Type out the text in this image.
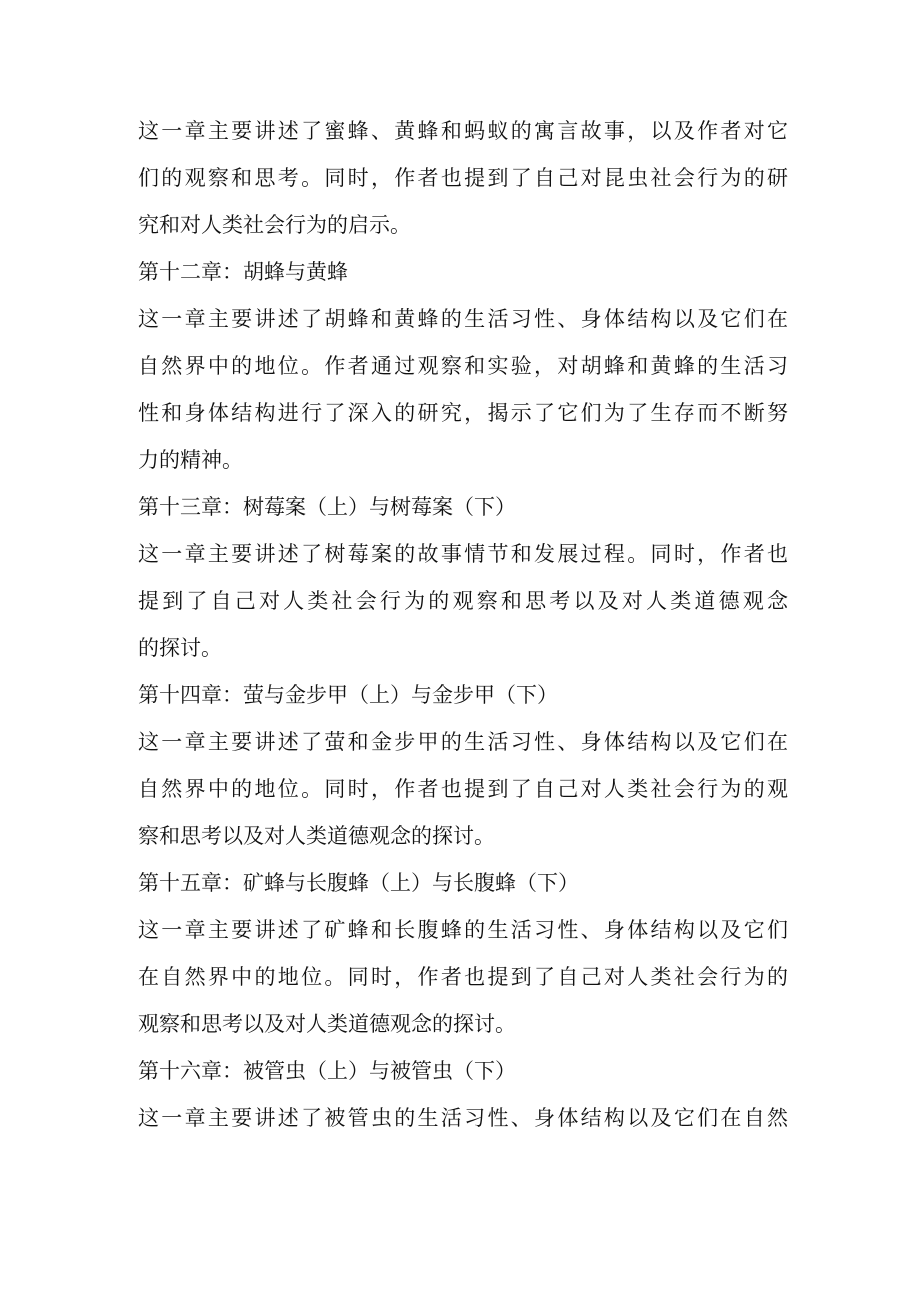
这一章主要讲述了蜜蜂、黄蜂和蚂蚁的寓言故事，以及作者对它
们的观察和思考。同时，作者也提到了自己对昆虫社会行为的研
究和对人类社会行为的启示。
第十二章：胡蜂与黄蜂
这一章主要讲述了胡蜂和黄蜂的生活习性、身体结构以及它们在
自然界中的地位。作者通过观察和实验，对胡蜂和黄蜂的生活习
性和身体结构进行了深入的研究，揭示了它们为了生存而不断努
力的精神。
第十三章：树莓案（上）与树莓案（下）
这一章主要讲述了树莓案的故事情节和发展过程。同时，作者也
提到了自己对人类社会行为的观察和思考以及对人类道德观念
的探讨。
第十四章：萤与金步甲（上）与金步甲（下）
这一章主要讲述了萤和金步甲的生活习性、身体结构以及它们在
自然界中的地位。同时，作者也提到了自己对人类社会行为的观
察和思考以及对人类道德观念的探讨。
第十五章：矿蜂与长腹蜂（上）与长腹蜂（下）
这一章主要讲述了矿蜂和长腹蜂的生活习性、身体结构以及它们
在自然界中的地位。同时，作者也提到了自己对人类社会行为的
观察和思考以及对人类道德观念的探讨。
第十六章：被管虫（上）与被管虫（下）
这一章主要讲述了被管虫的生活习性、身体结构以及它们在自然
